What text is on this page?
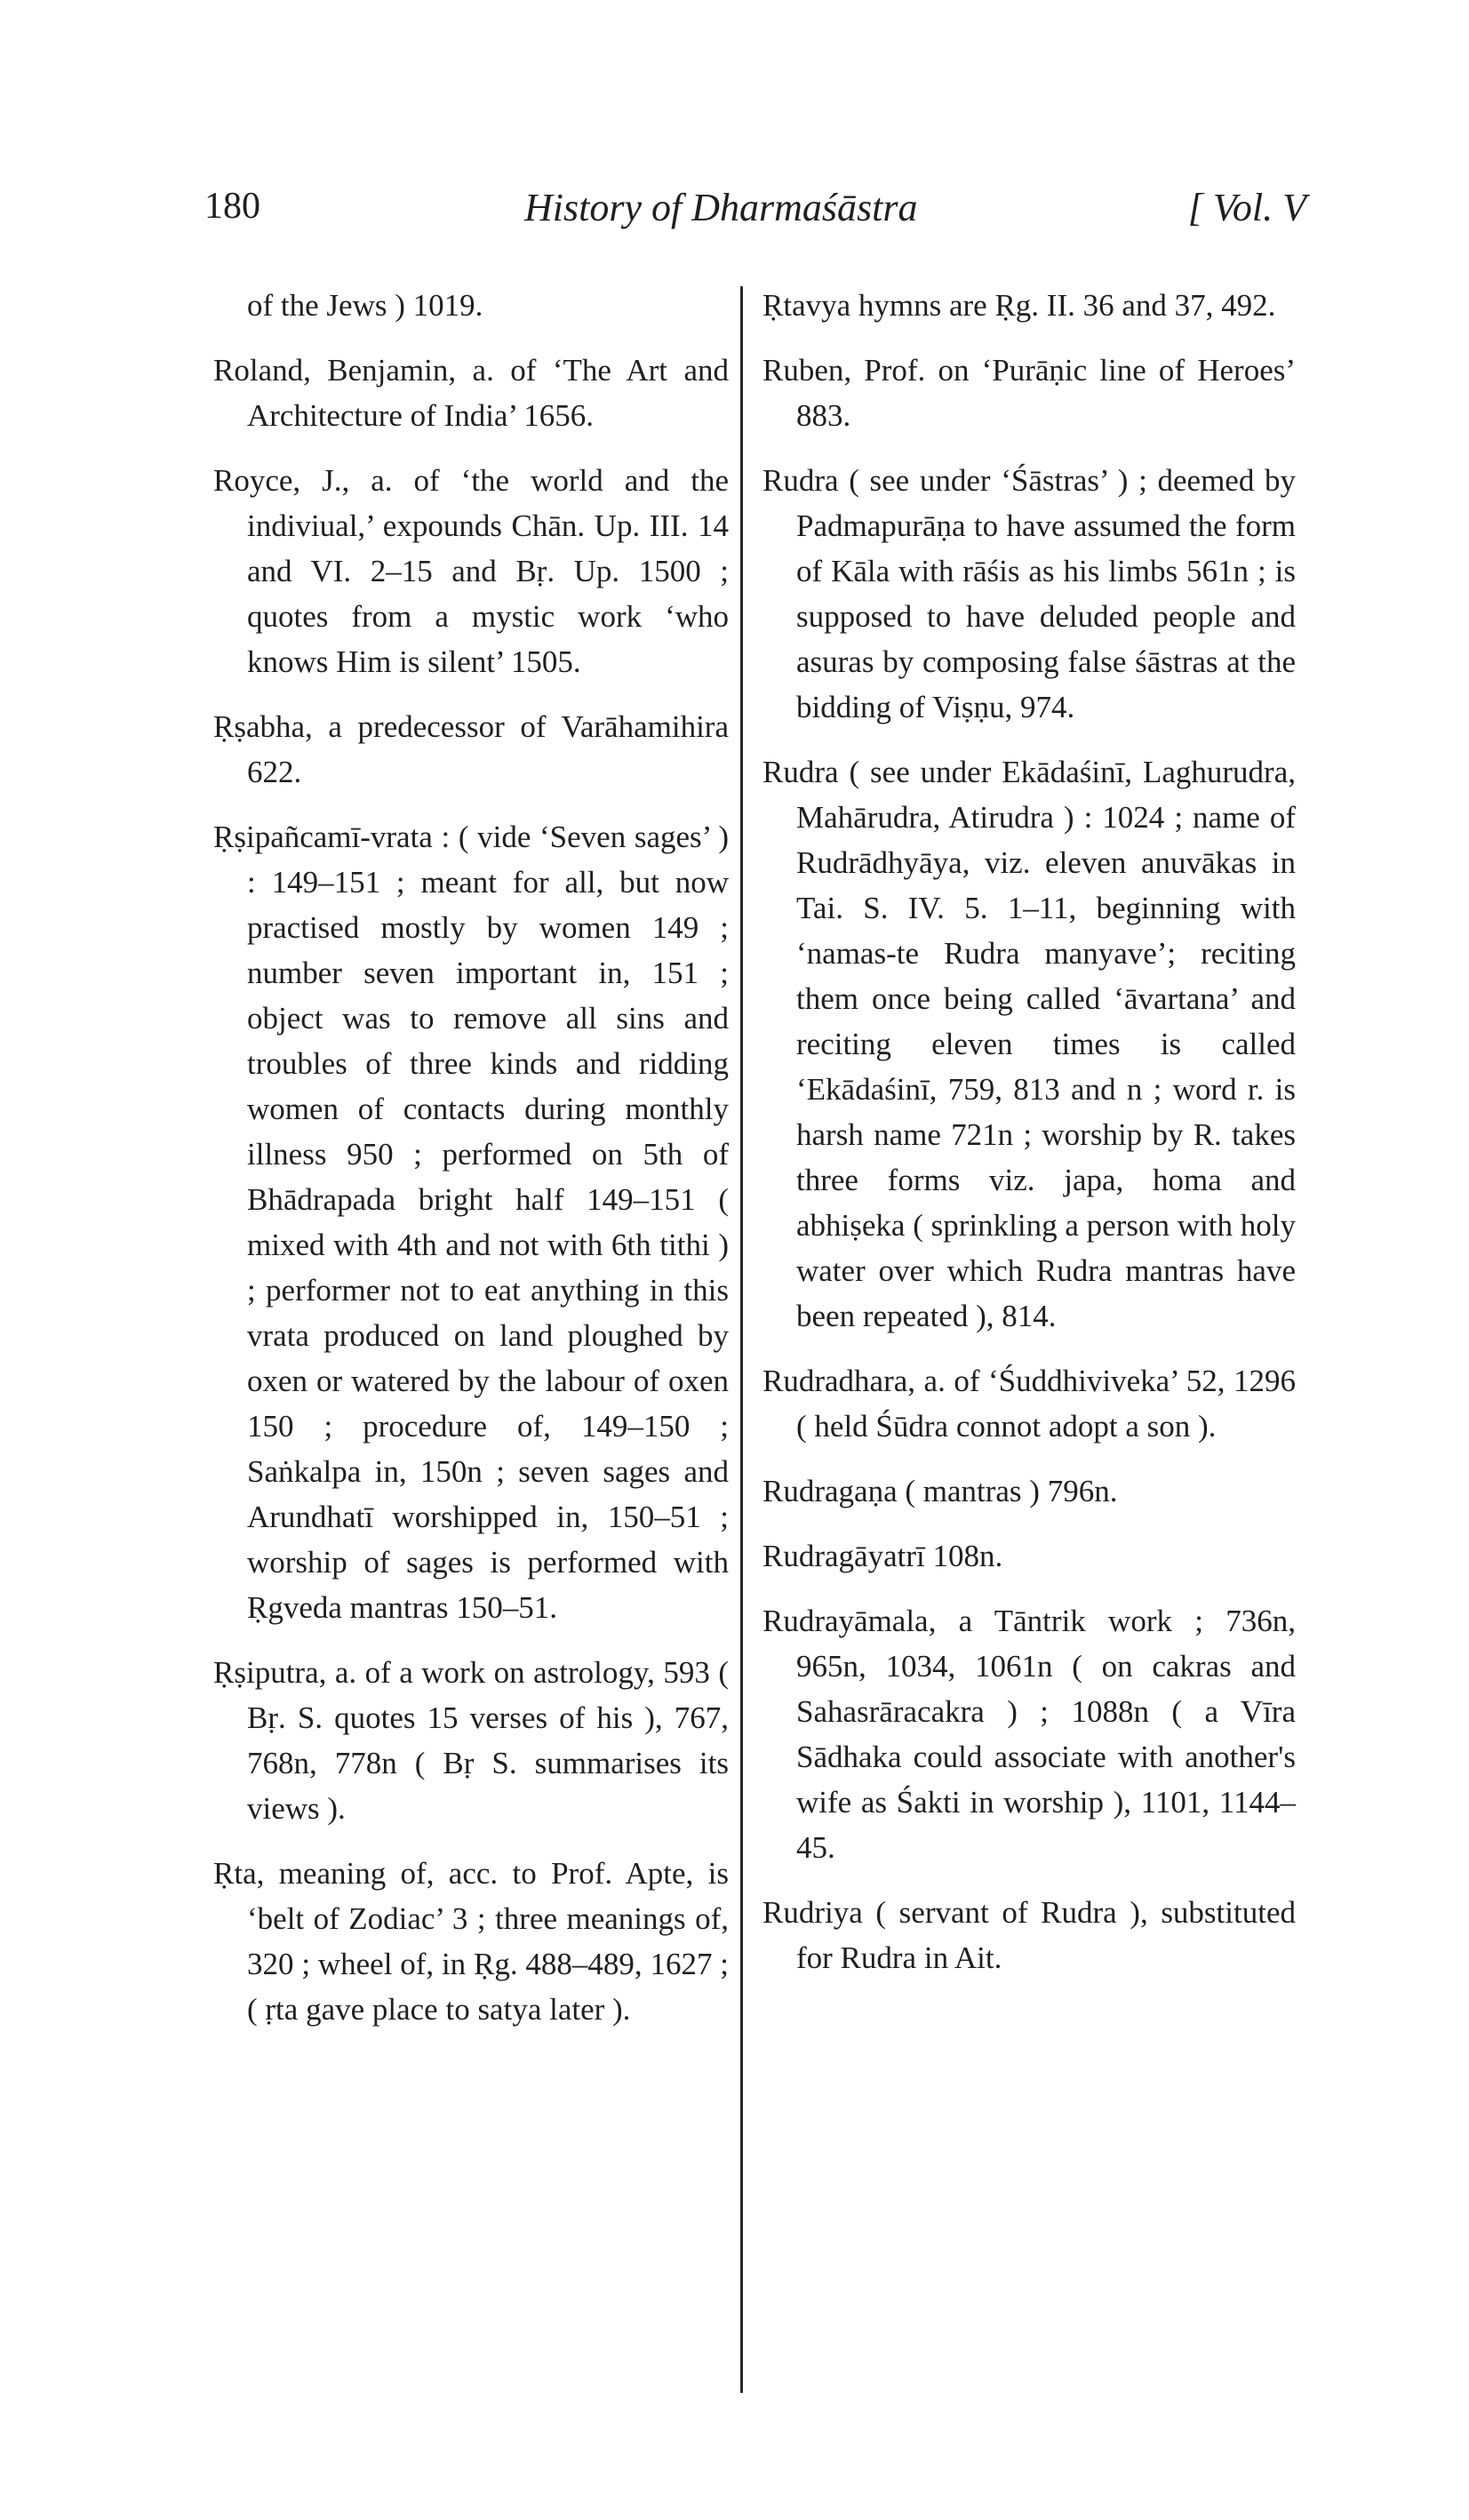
180	History of Dharmaśāstra	[ Vol. V

of the Jews ) 1019.

Roland, Benjamin, a. of ‘The Art and Architecture of India’ 1656.

Royce, J., a. of ‘the world and the indiviual,’ expounds Chān. Up. III. 14 and VI. 2–15 and Bṛ. Up. 1500 ; quotes from a mystic work ‘who knows Him is silent’ 1505.

Ṛṣabha, a predecessor of Varāhamihira 622.

Ṛṣipañcamī-vrata : ( vide ‘Seven sages’ ) : 149–151 ; meant for all, but now practised mostly by women 149 ; number seven important in, 151 ; object was to remove all sins and troubles of three kinds and ridding women of contacts during monthly illness 950 ; performed on 5th of Bhādrapada bright half 149–151 ( mixed with 4th and not with 6th tithi ) ; performer not to eat anything in this vrata produced on land ploughed by oxen or watered by the labour of oxen 150 ; procedure of, 149–150 ; Saṅkalpa in, 150n ; seven sages and Arundhatī worshipped in, 150–51 ; worship of sages is performed with Ṛgveda mantras 150–51.

Ṛṣiputra, a. of a work on astrology, 593 ( Bṛ. S. quotes 15 verses of his ), 767, 768n, 778n ( Bṛ S. summarises its views ).

Ṛta, meaning of, acc. to Prof. Apte, is ‘belt of Zodiac’ 3 ; three meanings of, 320 ; wheel of, in Ṛg. 488–489, 1627 ; ( ṛta gave place to satya later ).

Ṛtavya hymns are Ṛg. II. 36 and 37, 492.

Ruben, Prof. on ‘Purāṇic line of Heroes’ 883.

Rudra ( see under ‘Śāstras’ ) ; deemed by Padmapurāṇa to have assumed the form of Kāla with rāśis as his limbs 561n ; is supposed to have deluded people and asuras by composing false śāstras at the bidding of Viṣṇu, 974.

Rudra ( see under Ekādaśinī, Laghurudra, Mahārudra, Atirudra ) : 1024 ; name of Rudrādhyāya, viz. eleven anuvākas in Tai. S. IV. 5. 1–11, beginning with ‘namas-te Rudra manyave’; reciting them once being called ‘āvartana’ and reciting eleven times is called ‘Ekādaśinī, 759, 813 and n ; word r. is harsh name 721n ; worship by R. takes three forms viz. japa, homa and abhiṣeka ( sprinkling a person with holy water over which Rudra mantras have been repeated ), 814.

Rudradhara, a. of ‘Śuddhiviveka’ 52, 1296 ( held Śūdra connot adopt a son ).

Rudragaṇa ( mantras ) 796n.

Rudragāyatrī 108n.

Rudrayāmala, a Tāntrik work ; 736n, 965n, 1034, 1061n ( on cakras and Sahasrāracakra ) ; 1088n ( a Vīra Sādhaka could associate with another's wife as Śakti in worship ), 1101, 1144–45.

Rudriya ( servant of Rudra ), substituted for Rudra in Ait.
